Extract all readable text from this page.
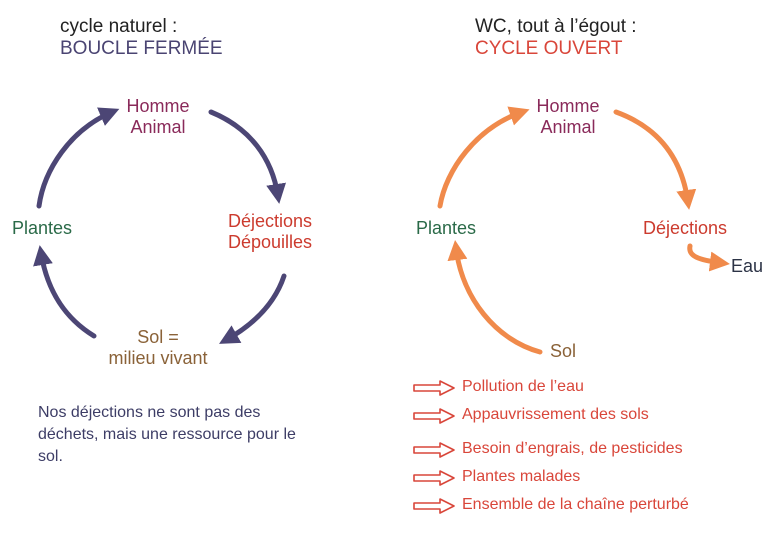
cycle naturel :
BOUCLE FERMÉE
Homme
Animal
Déjections
Dépouilles
Plantes
Sol =
milieu vivant
Nos déjections ne sont pas des déchets, mais une ressource pour le sol.
WC, tout à l’égout :
CYCLE OUVERT
Homme
Animal
Déjections
Eau
Plantes
Sol
Pollution de l’eau
Appauvrissement des sols
Besoin d’engrais, de pesticides
Plantes malades
Ensemble de la chaîne perturbé
